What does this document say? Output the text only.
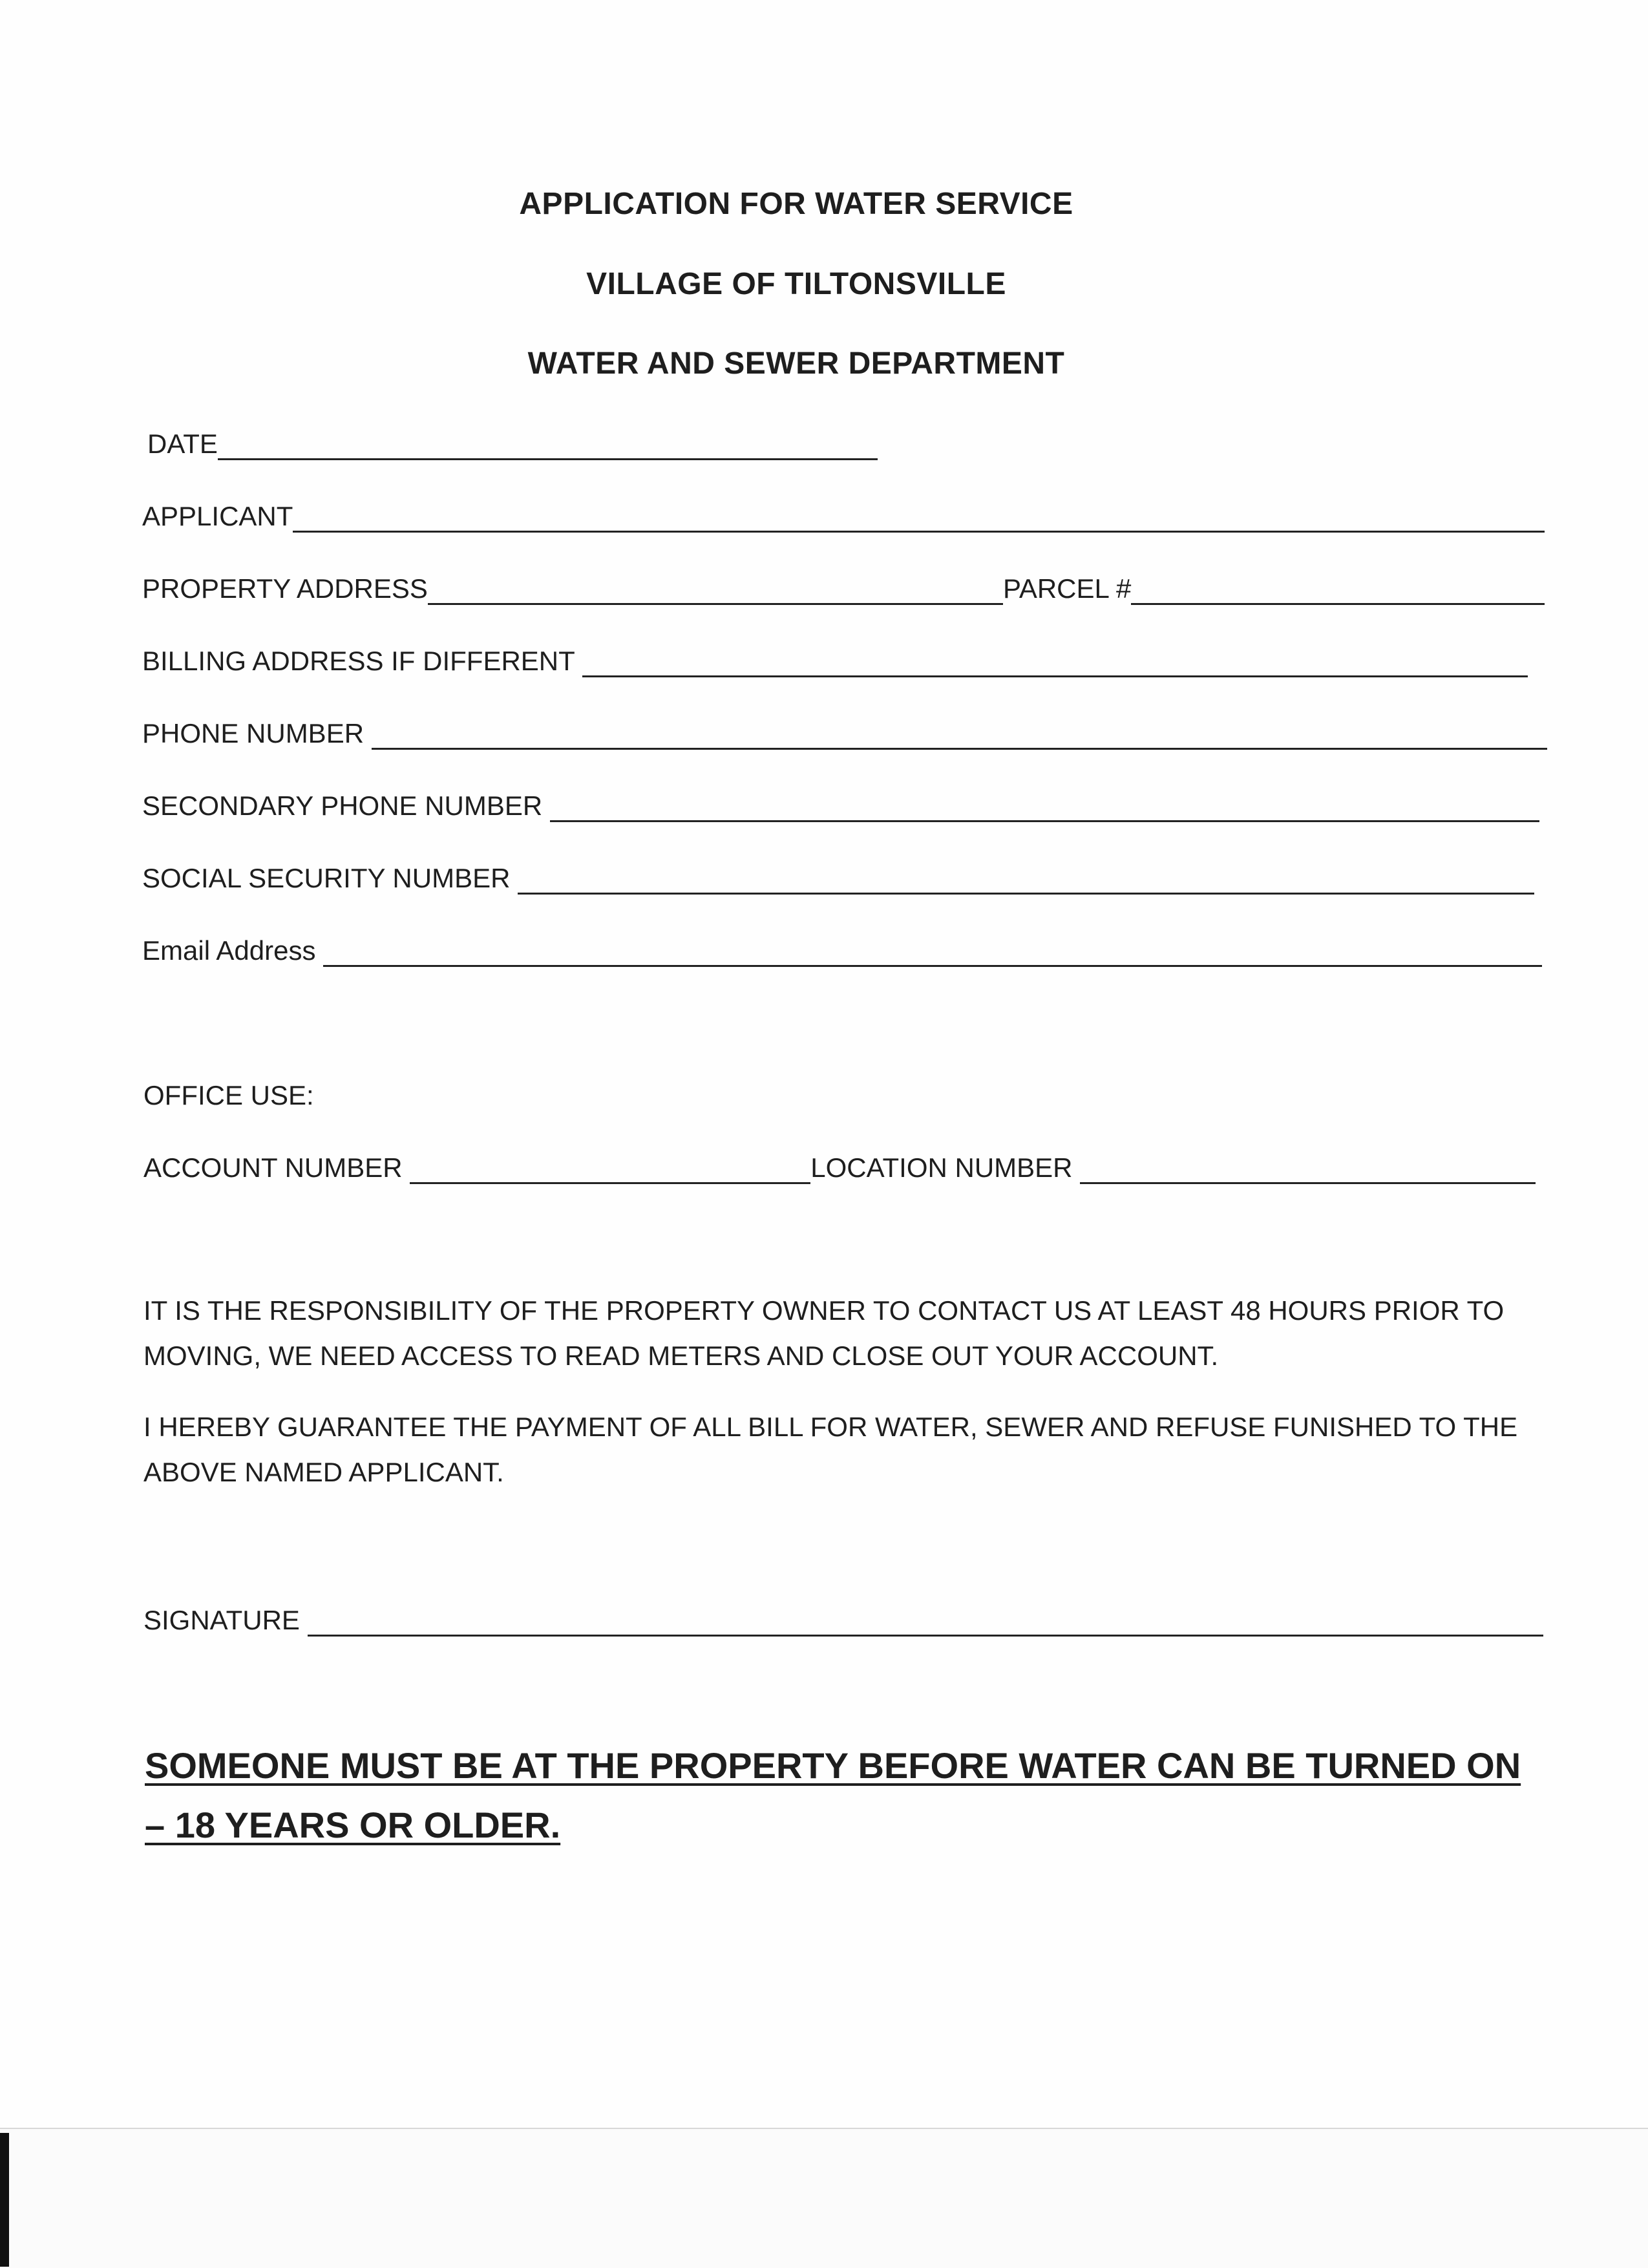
APPLICATION FOR WATER SERVICE
VILLAGE OF TILTONSVILLE
WATER AND SEWER DEPARTMENT
DATE
APPLICANT
PROPERTY ADDRESS	PARCEL #
BILLING ADDRESS IF DIFFERENT
PHONE NUMBER
SECONDARY PHONE NUMBER
SOCIAL SECURITY NUMBER
Email Address
OFFICE USE:
ACCOUNT NUMBER	LOCATION NUMBER
IT IS THE RESPONSIBILITY OF THE PROPERTY OWNER TO CONTACT US AT LEAST 48 HOURS PRIOR TO MOVING, WE NEED ACCESS TO READ METERS AND CLOSE OUT YOUR ACCOUNT.
I HEREBY GUARANTEE THE PAYMENT OF ALL BILL FOR WATER, SEWER AND REFUSE FUNISHED TO THE ABOVE NAMED APPLICANT.
SIGNATURE
SOMEONE MUST BE AT THE PROPERTY BEFORE WATER CAN BE TURNED ON – 18 YEARS OR OLDER.
